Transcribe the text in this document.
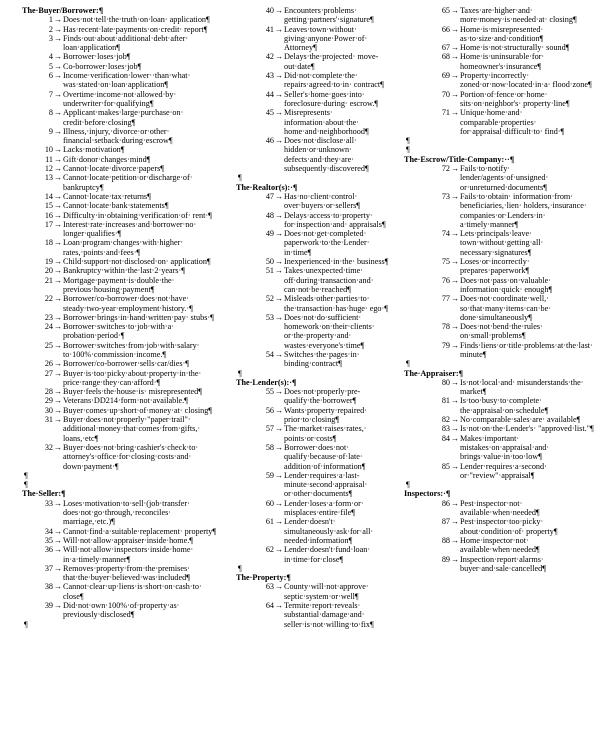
The·Buyer/Borrower:¶
1 → Does·not·tell·the·truth·on·loan· application¶
2 → Has·recent·late·payments·on·credit· report¶
3 → Finds·out·about·additional·debt·after· loan·application¶
4 → Borrower·loses·job¶
5 → Co-borrower·loses·job¶
6 → Income·verification·lower··than·what· was·stated·on·loan·application¶
7 → Overtime·income·not·allowed·by· underwriter·for·qualifying¶
8 → Applicant·makes·large·purchase·on· credit·before·closing¶
9 → Illness,·injury,·divorce·or·other· financial·setback·during·escrow¶
10 → Lacks·motivation¶
11 → Gift·donor·changes·mind¶
12 → Cannot·locate·divorce·papers¶
13 → Cannot·locate·petition·or·discharge·of· bankruptcy¶
14 → Cannot·locate·tax·returns¶
15 → Cannot·locate·bank·statements¶
16 → Difficulty·in·obtaining·verification·of· rent·¶
17 → Interest·rate·increases·and·borrower·no· longer·qualifies·¶
18 → Loan·program·changes·with·higher· rates,·points·and·fees·¶
19 → Child·support·not·disclosed·on· application¶
20 → Bankruptcy·within·the·last·2·years·¶
21 → Mortgage·payment·is·double·the· previous·housing·payment¶
22 → Borrower/co-borrower·does·not·have· steady·two-year·employment·history.·¶
23 → Borrower·brings·in·hand·written·pay· stubs·¶
24 → Borrower·switches·to·job·with·a· probation·period·¶
25 → Borrower·switches·from·job·with·salary· to·100%·commission·income.¶
26 → Borrower/co-borrower·sells·car/dies·¶
27 → Buyer·is·too·picky·about·property·in·the· price·range·they·can·afford·¶
28 → Buyer·feels·the·house·is· misrepresented¶
29 → Veterans·DD214·form·not·available.¶
30 → Buyer·comes·up·short·of·money·at· closing¶
31 → Buyer·does·not·properly·"paper·trail"· additional·money·that·comes·from·gifts,· loans,·etc¶
32 → Buyer·does·not·bring·cashier's·check·to· attorney's·office·for·closing·costs·and· down·payment·¶
¶
¶
The·Seller:¶
33 → Loses·motivation·to·sell·(job·transfer· does·not·go·through,·reconciles· marriage,·etc.)¶
34 → Cannot·find·a·suitable·replacement· property¶
35 → Will·not·allow·appraiser·inside·home.¶
36 → Will·not·allow·inspectors·inside·home· in·a·timely·manner¶
37 → Removes·property·from·the·premises· that·the·buyer·believed·was·included¶
38 → Cannot·clear·up·liens·is·short·on·cash·to· close¶
39 → Did·not·own·100%·of·property·as· previously·disclosed¶
¶
40 → Encounters·problems· getting·partners'·signature¶
41 → Leaves·town·without· giving·anyone·Power·of· Attorney¶
42 → Delays·the·projected· move-out·date¶
43 → Did·not·complete·the· repairs·agreed·to·in· contract¶
44 → Seller's·home·goes·into· foreclosure·during· escrow.¶
45 → Misrepresents· information·about·the· home·and·neighborhood¶
46 → Does·not·disclose·all· hidden·or·unknown· defects·and·they·are· subsequently·discovered¶
¶
The·Realtor(s):·¶
47 → Has·no·client·control· over·buyers·or·sellers¶
48 → Delays·access·to·property· for·inspection·and· appraisals¶
49 → Does·not·get·completed· paperwork·to·the·Lender· in·time¶
50 → Inexperienced·in·the· business¶
51 → Takes·unexpected·time· off·during·transaction·and· can·not·be·reached¶
52 → Misleads·other·parties·to· the·transaction·has·huge· ego·¶
53 → Does·not·do·sufficient· homework·on·their·clients· or·the·property·and· wastes·everyone's·time¶
54 → Switches·the·pages·in· binding·contract¶
¶
The·Lender(s):·¶
55 → Does·not·properly·pre-qualify·the·borrower¶
56 → Wants·property·repaired· prior·to·closing¶
57 → The·market·raises·rates,· points·or·costs¶
58 → Borrower·does·not· qualify·because·of·late· addition·of·information¶
59 → Lender·requires·a·last-minute·second·appraisal· or·other·documents¶
60 → Lender·loses·a·form·or· misplaces·entire·file¶
61 → Lender·doesn't· simultaneously·ask·for·all· needed·information¶
62 → Lender·doesn't·fund·loan· in·time·for·close¶
¶
The·Property:¶
63 → County·will·not·approve· septic·system·or·well¶
64 → Termite·report·reveals· substantial·damage·and· seller·is·not·willing·to·fix¶
65 → Taxes·are·higher·and· more·money·is·needed·at· closing¶
66 → Home·is·misrepresented· as·to·size·and·condition¶
67 → Home·is·not·structurally· sound¶
68 → Home·is·uninsurable·for· homeowner's·insurance¶
69 → Property·incorrectly· zoned·or·now·located·in·a· flood·zone¶
70 → Portion·of·fence·or·home· sits·on·neighbor's· property·line¶
71 → Unique·home·and· comparable·properties· for·appraisal·difficult·to· find·¶
¶
¶
The·Escrow/Title·Company:··¶
72 → Fails·to·notify· lender/agents·of·unsigned· or·unreturned·documents¶
73 → Fails·to·obtain· information·from· beneficiaries,·lien· holders,·insurance· companies·or·Lenders·in· a·timely·manner¶
74 → Lets·principals·leave· town·without·getting·all· necessary·signatures¶
75 → Loses·or·incorrectly· prepares·paperwork¶
76 → Does·not·pass·on·valuable· information·quick· enough¶
77 → Does·not·coordinate·well,· so·that·many·items·can·be· done·simultaneously¶
78 → Does·not·bend·the·rules· on·small·problems¶
79 → Finds·liens·or·title·problems·at·the·last· minute¶
¶
The·Appraiser:¶
80 → Is·not·local·and· misunderstands·the· market¶
81 → Is·too·busy·to·complete· the·appraisal·on·schedule¶
82 → No·comparable·sales·are· available¶
83 → Is·not·on·the·Lender's· "approved·list."¶
84 → Makes·important· mistakes·on·appraisal·and· brings·value·in·too·low¶
85 → Lender·requires·a·second· or·"review"·appraisal¶
¶
Inspectors:·¶
86 → Pest·inspector·not· available·when·needed¶
87 → Pest·inspector·too·picky· about·condition·of· property¶
88 → Home·inspector·not· available·when·needed¶
89 → Inspection·report·alarms· buyer·and·sale·cancelled¶
